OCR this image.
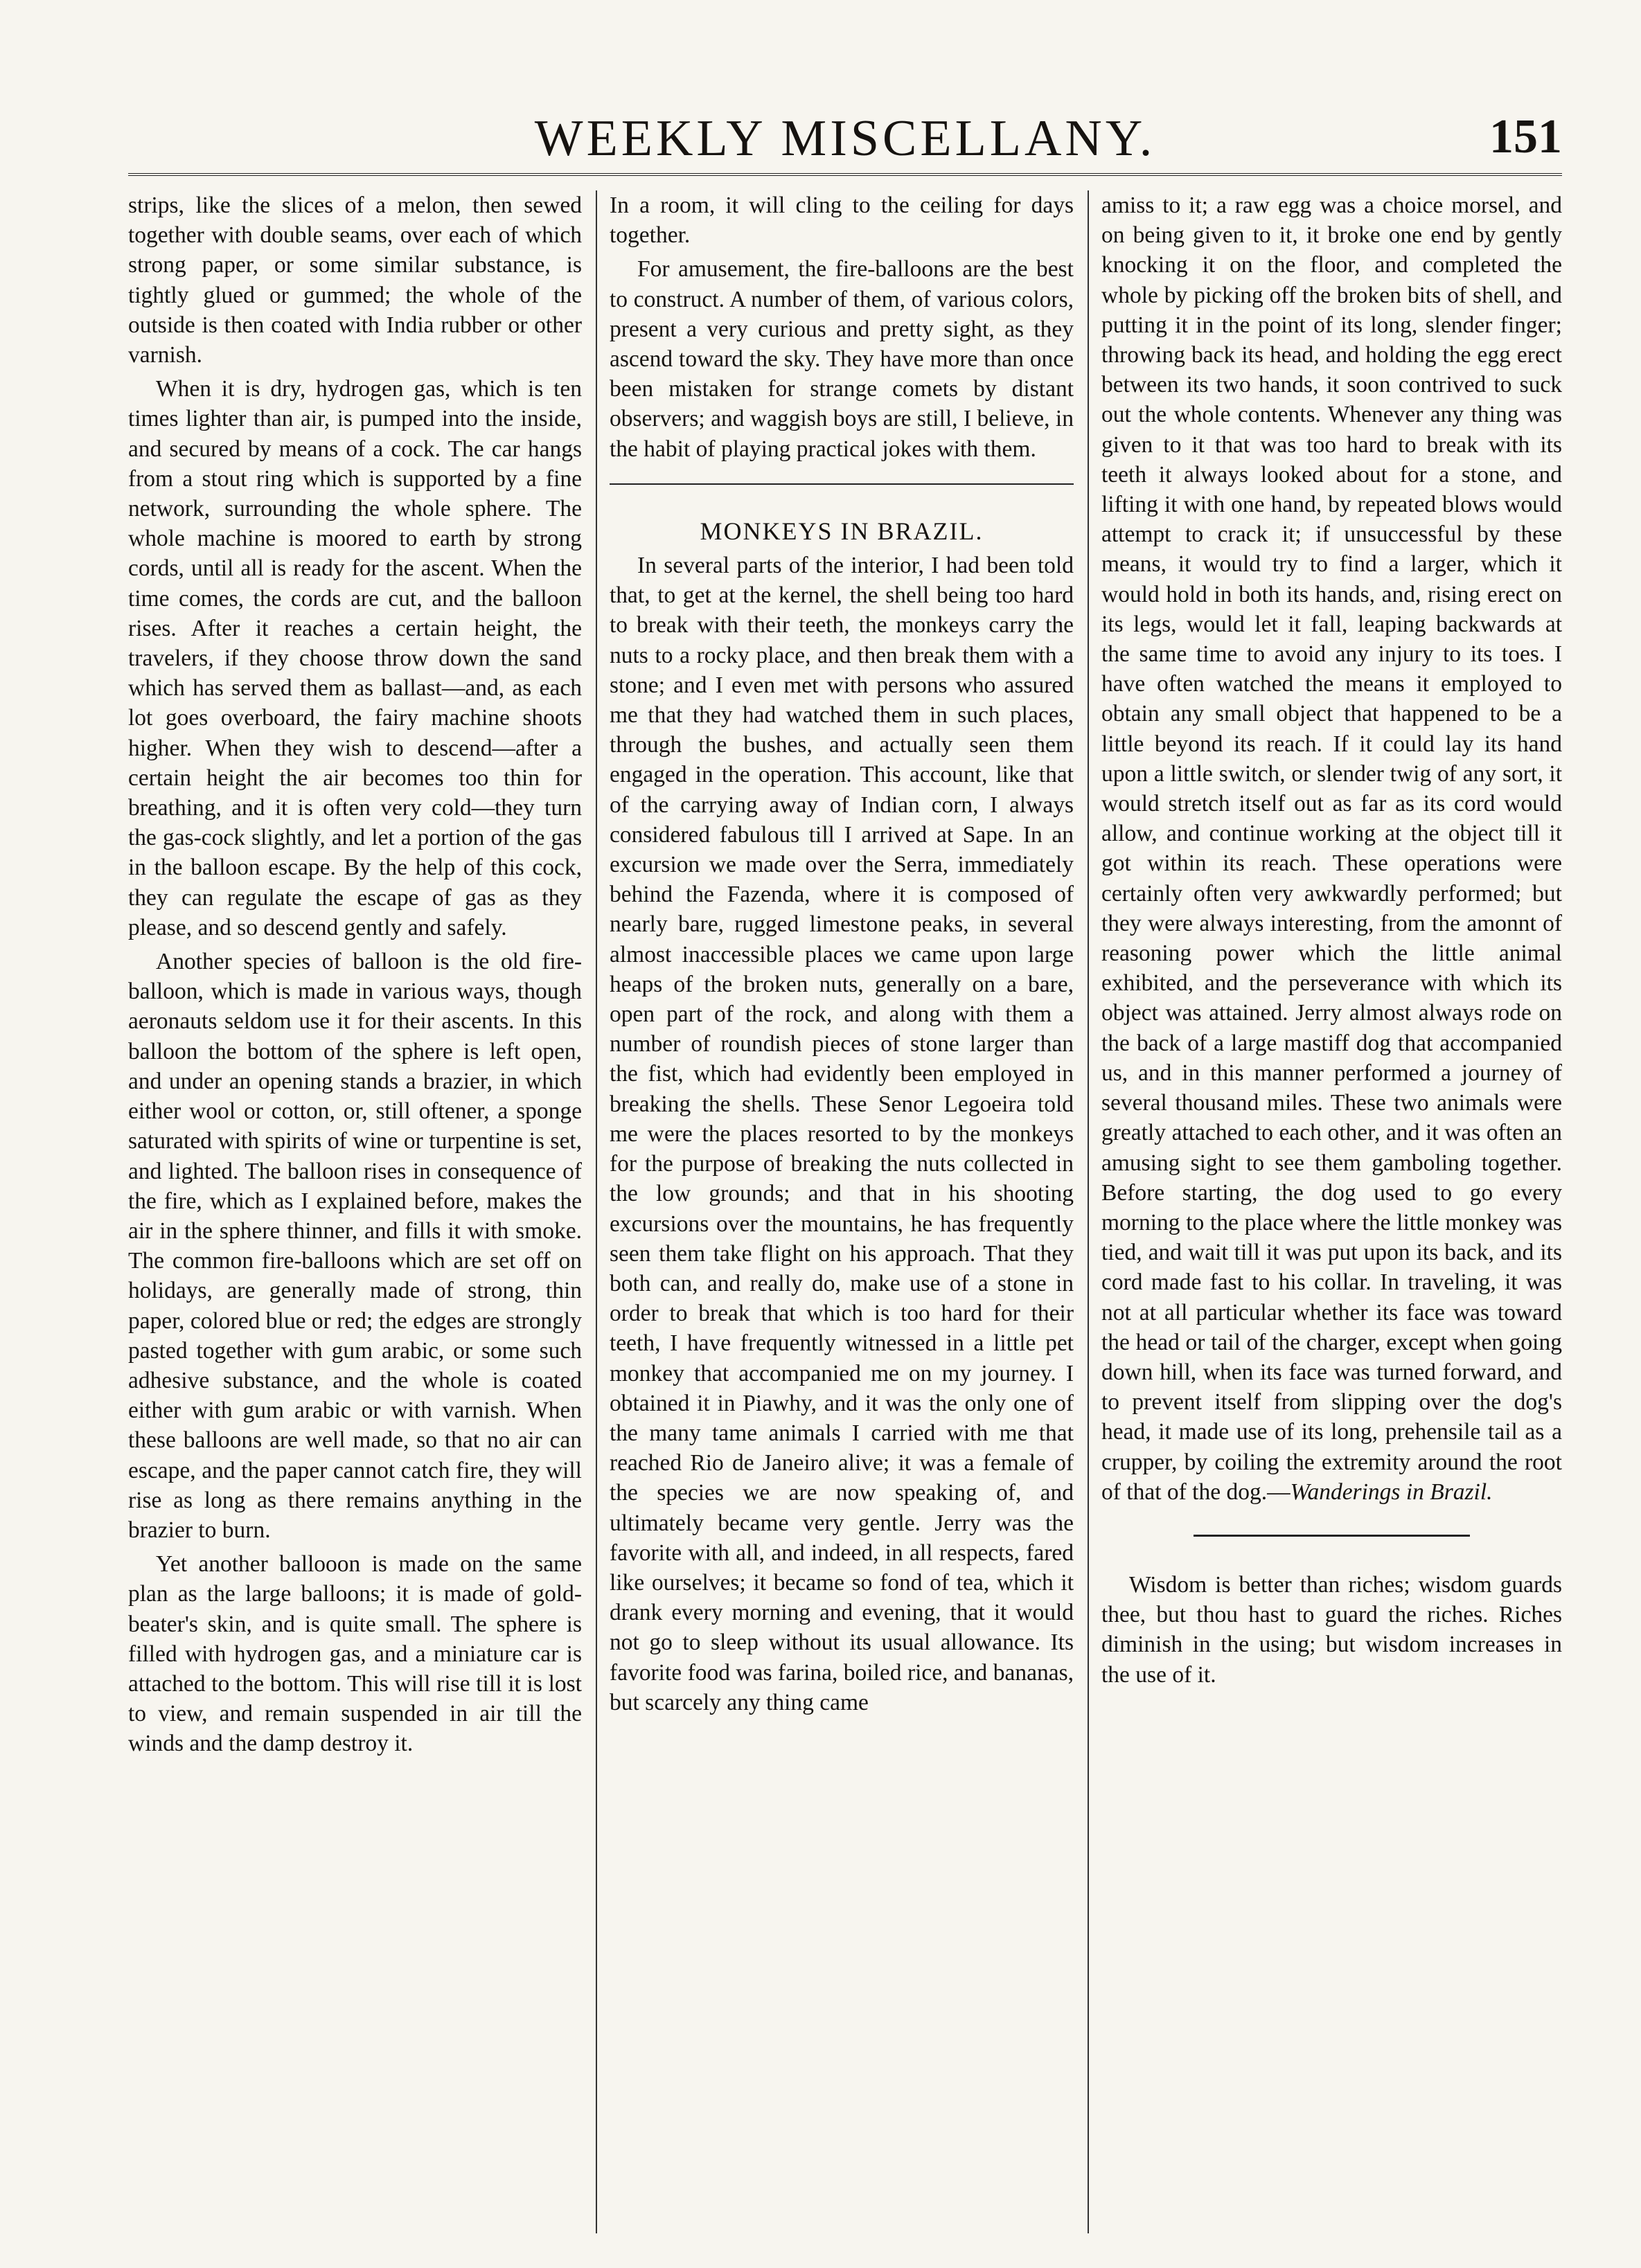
WEEKLY MISCELLANY.	151

strips, like the slices of a melon, then sewed together with double seams, over each of which strong paper, or some similar substance, is tightly glued or gummed; the whole of the outside is then coated with India rubber or other varnish.

When it is dry, hydrogen gas, which is ten times lighter than air, is pumped into the inside, and secured by means of a cock. The car hangs from a stout ring which is supported by a fine network, surrounding the whole sphere. The whole machine is moored to earth by strong cords, until all is ready for the ascent. When the time comes, the cords are cut, and the balloon rises. After it reaches a certain height, the travelers, if they choose throw down the sand which has served them as ballast—and, as each lot goes overboard, the fairy machine shoots higher. When they wish to descend—after a certain height the air becomes too thin for breathing, and it is often very cold—they turn the gas-cock slightly, and let a portion of the gas in the balloon escape. By the help of this cock, they can regulate the escape of gas as they please, and so descend gently and safely.

Another species of balloon is the old fire-balloon, which is made in various ways, though aeronauts seldom use it for their ascents. In this balloon the bottom of the sphere is left open, and under an opening stands a brazier, in which either wool or cotton, or, still oftener, a sponge saturated with spirits of wine or turpentine is set, and lighted. The balloon rises in consequence of the fire, which as I explained before, makes the air in the sphere thinner, and fills it with smoke. The common fire-balloons which are set off on holidays, are generally made of strong, thin paper, colored blue or red; the edges are strongly pasted together with gum arabic, or some such adhesive substance, and the whole is coated either with gum arabic or with varnish. When these balloons are well made, so that no air can escape, and the paper cannot catch fire, they will rise as long as there remains anything in the brazier to burn.

Yet another ballooon is made on the same plan as the large balloons; it is made of gold-beater's skin, and is quite small. The sphere is filled with hydrogen gas, and a miniature car is attached to the bottom. This will rise till it is lost to view, and remain suspended in air till the winds and the damp destroy it.

In a room, it will cling to the ceiling for days together.

For amusement, the fire-balloons are the best to construct. A number of them, of various colors, present a very curious and pretty sight, as they ascend toward the sky. They have more than once been mistaken for strange comets by distant observers; and waggish boys are still, I believe, in the habit of playing practical jokes with them.

MONKEYS IN BRAZIL.

In several parts of the interior, I had been told that, to get at the kernel, the shell being too hard to break with their teeth, the monkeys carry the nuts to a rocky place, and then break them with a stone; and I even met with persons who assured me that they had watched them in such places, through the bushes, and actually seen them engaged in the operation. This account, like that of the carrying away of Indian corn, I always considered fabulous till I arrived at Sape. In an excursion we made over the Serra, immediately behind the Fazenda, where it is composed of nearly bare, rugged limestone peaks, in several almost inaccessible places we came upon large heaps of the broken nuts, generally on a bare, open part of the rock, and along with them a number of roundish pieces of stone larger than the fist, which had evidently been employed in breaking the shells. These Senor Legoeira told me were the places resorted to by the monkeys for the purpose of breaking the nuts collected in the low grounds; and that in his shooting excursions over the mountains, he has frequently seen them take flight on his approach. That they both can, and really do, make use of a stone in order to break that which is too hard for their teeth, I have frequently witnessed in a little pet monkey that accompanied me on my journey. I obtained it in Piawhy, and it was the only one of the many tame animals I carried with me that reached Rio de Janeiro alive; it was a female of the species we are now speaking of, and ultimately became very gentle. Jerry was the favorite with all, and indeed, in all respects, fared like ourselves; it became so fond of tea, which it drank every morning and evening, that it would not go to sleep without its usual allowance. Its favorite food was farina, boiled rice, and bananas, but scarcely any thing came

amiss to it; a raw egg was a choice morsel, and on being given to it, it broke one end by gently knocking it on the floor, and completed the whole by picking off the broken bits of shell, and putting it in the point of its long, slender finger; throwing back its head, and holding the egg erect between its two hands, it soon contrived to suck out the whole contents. Whenever any thing was given to it that was too hard to break with its teeth it always looked about for a stone, and lifting it with one hand, by repeated blows would attempt to crack it; if unsuccessful by these means, it would try to find a larger, which it would hold in both its hands, and, rising erect on its legs, would let it fall, leaping backwards at the same time to avoid any injury to its toes. I have often watched the means it employed to obtain any small object that happened to be a little beyond its reach. If it could lay its hand upon a little switch, or slender twig of any sort, it would stretch itself out as far as its cord would allow, and continue working at the object till it got within its reach. These operations were certainly often very awkwardly performed; but they were always interesting, from the amonnt of reasoning power which the little animal exhibited, and the perseverance with which its object was attained. Jerry almost always rode on the back of a large mastiff dog that accompanied us, and in this manner performed a journey of several thousand miles. These two animals were greatly attached to each other, and it was often an amusing sight to see them gamboling together. Before starting, the dog used to go every morning to the place where the little monkey was tied, and wait till it was put upon its back, and its cord made fast to his collar. In traveling, it was not at all particular whether its face was toward the head or tail of the charger, except when going down hill, when its face was turned forward, and to prevent itself from slipping over the dog's head, it made use of its long, prehensile tail as a crupper, by coiling the extremity around the root of that of the dog.—Wanderings in Brazil.

Wisdom is better than riches; wisdom guards thee, but thou hast to guard the riches. Riches diminish in the using; but wisdom increases in the use of it.
